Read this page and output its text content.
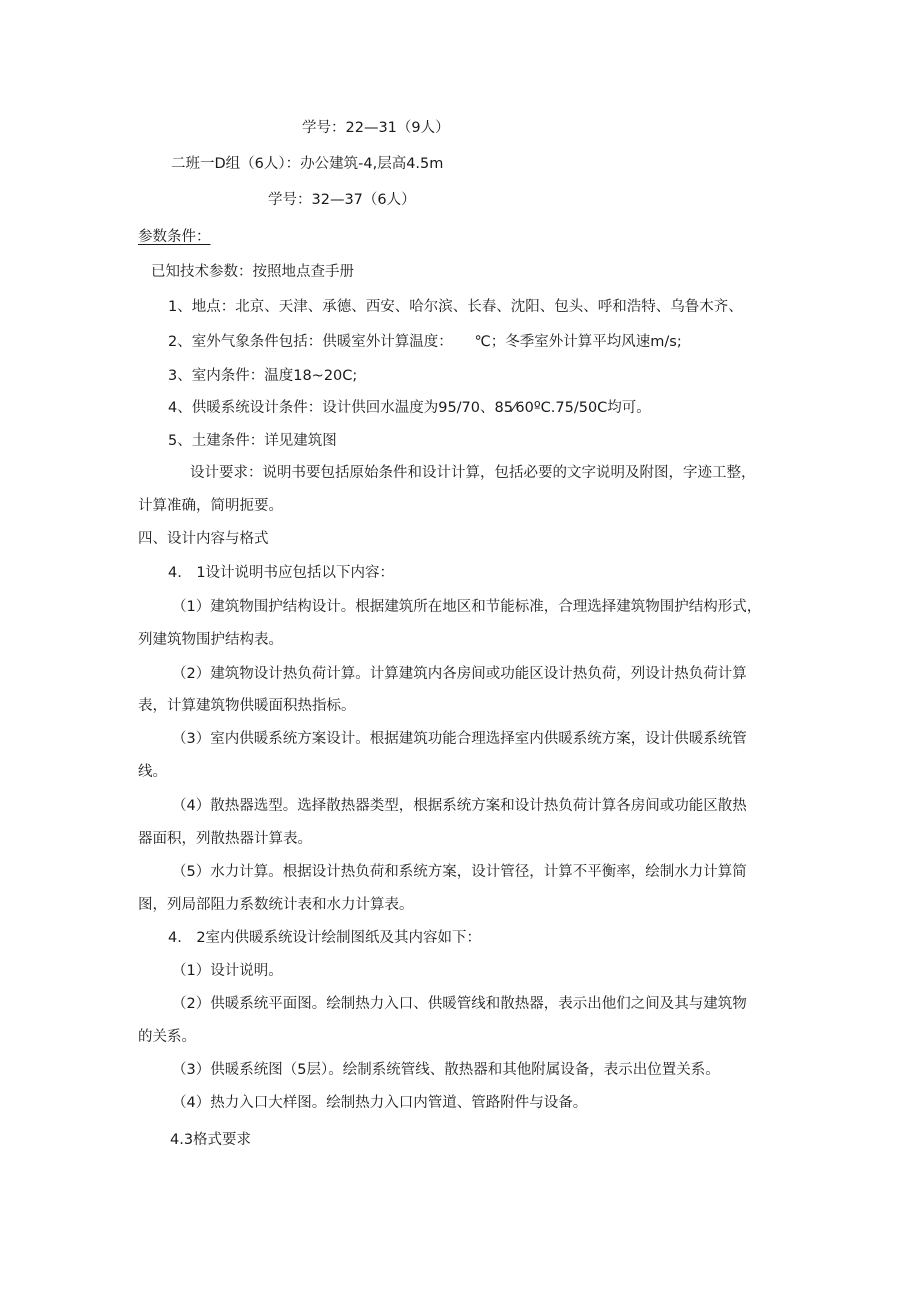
学号：22—31（9人）
二班一D组（6人）：办公建筑-4,层高4.5m
学号：32—37（6人）
参数条件：
已知技术参数：按照地点查手册
1、地点：北京、天津、承德、西安、哈尔滨、长春、沈阳、包头、呼和浩特、乌鲁木齐、
2、室外气象条件包括：供暖室外计算温度：　　℃；冬季室外计算平均风速m/s;
3、室内条件：温度18~20C;
4、供暖系统设计条件：设计供回水温度为95/70、85⁄60ºC.75/50C均可。
5、土建条件：详见建筑图
设计要求：说明书要包括原始条件和设计计算，包括必要的文字说明及附图，字迹工整，
计算准确，简明扼要。
四、设计内容与格式
4.　1设计说明书应包括以下内容：
（1）建筑物围护结构设计。根据建筑所在地区和节能标准，合理选择建筑物围护结构形式，
列建筑物围护结构表。
（2）建筑物设计热负荷计算。计算建筑内各房间或功能区设计热负荷，列设计热负荷计算
表，计算建筑物供暖面积热指标。
（3）室内供暖系统方案设计。根据建筑功能合理选择室内供暖系统方案，设计供暖系统管
线。
（4）散热器选型。选择散热器类型，根据系统方案和设计热负荷计算各房间或功能区散热
器面积，列散热器计算表。
（5）水力计算。根据设计热负荷和系统方案，设计管径，计算不平衡率，绘制水力计算简
图，列局部阻力系数统计表和水力计算表。
4.　2室内供暖系统设计绘制图纸及其内容如下：
（1）设计说明。
（2）供暖系统平面图。绘制热力入口、供暖管线和散热器，表示出他们之间及其与建筑物
的关系。
（3）供暖系统图（5层）。绘制系统管线、散热器和其他附属设备，表示出位置关系。
（4）热力入口大样图。绘制热力入口内管道、管路附件与设备。
4.3格式要求
